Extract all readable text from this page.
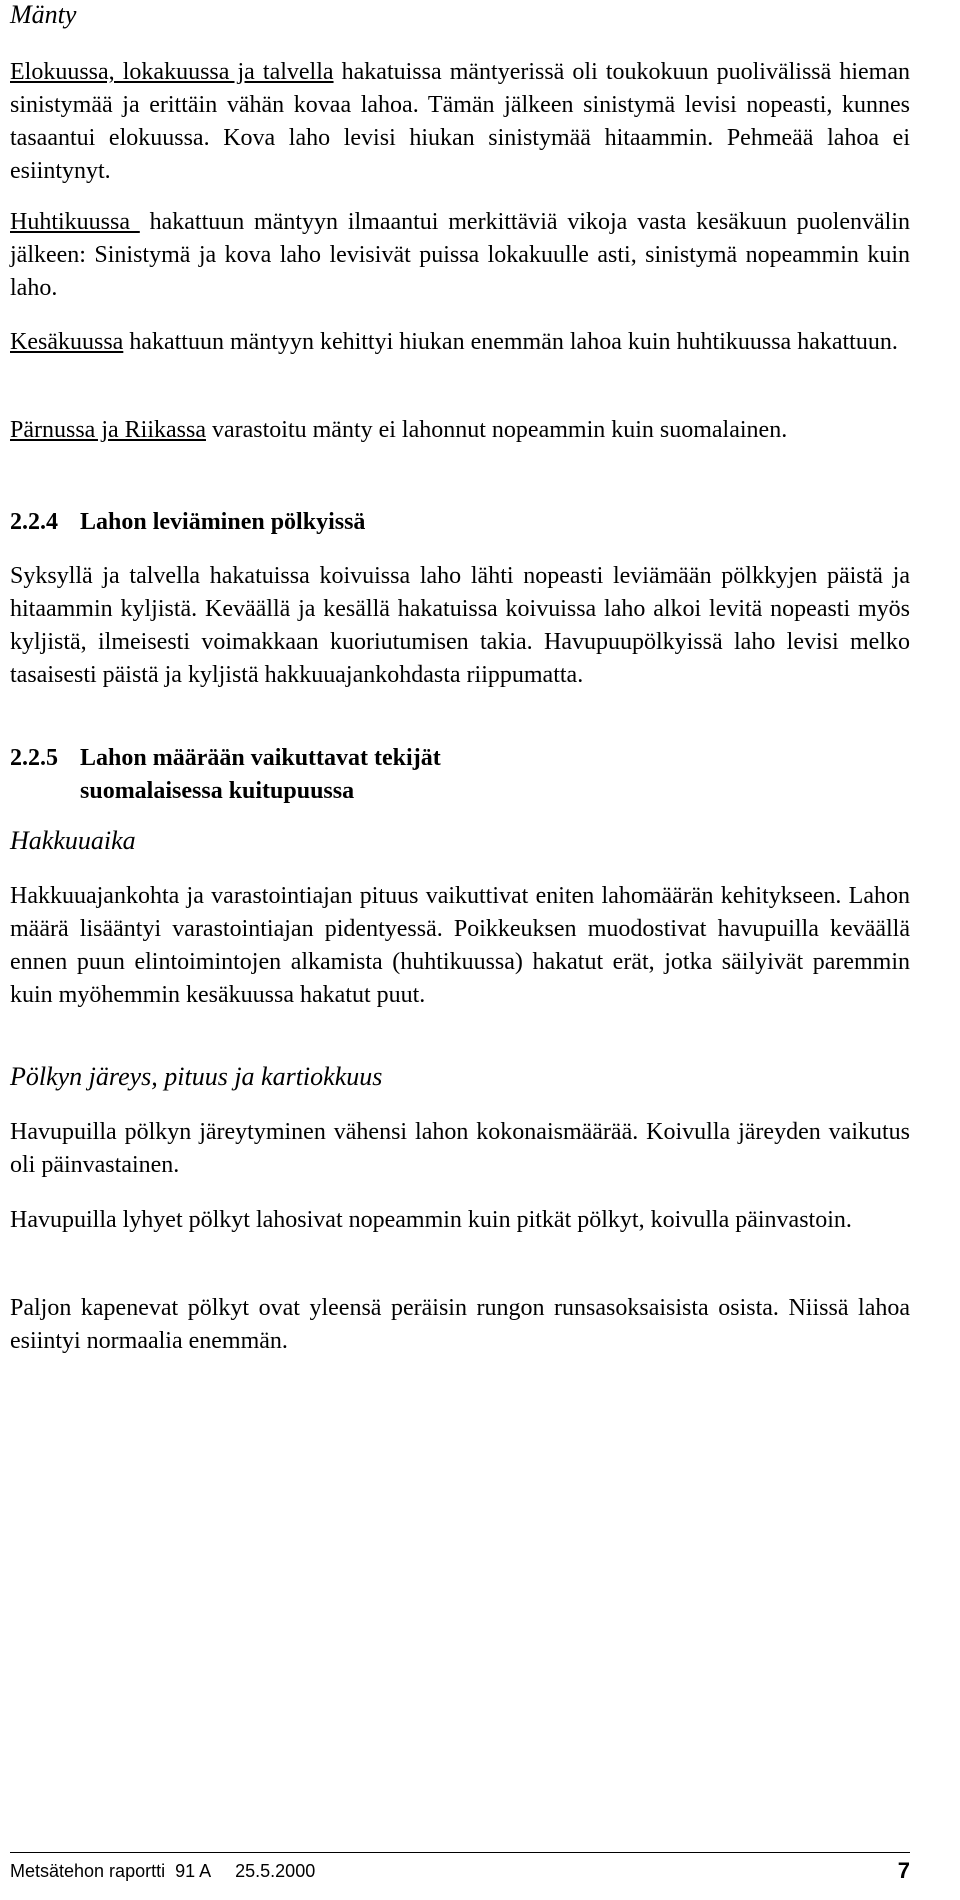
Mänty

Elokuussa, lokakuussa ja talvella hakatuissa mäntyerissä oli toukokuun puolivälissä hieman sinistymää ja erittäin vähän kovaa lahoa. Tämän jälkeen sinistymä levisi nopeasti, kunnes tasaantui elokuussa. Kova laho levisi hiukan sinistymää hitaammin. Pehmeää lahoa ei esiintynyt.

Huhtikuussa  hakattuun mäntyyn ilmaantui merkittäviä vikoja vasta kesäkuun puolenvälin jälkeen: Sinistymä ja kova laho levisivät puissa lokakuulle asti, sinistymä nopeammin kuin laho.

Kesäkuussa hakattuun mäntyyn kehittyi hiukan enemmän lahoa kuin huhtikuussa hakattuun.

Pärnussa ja Riikassa varastoitu mänty ei lahonnut nopeammin kuin suomalainen.

2.2.4 Lahon leviäminen pölkyissä

Syksyllä ja talvella hakatuissa koivuissa laho lähti nopeasti leviämään pölkkyjen päistä ja hitaammin kyljistä. Keväällä ja kesällä hakatuissa koivuissa laho alkoi levitä nopeasti myös kyljistä, ilmeisesti voimakkaan kuoriutumisen takia. Havupuupölkyissä laho levisi melko tasaisesti päistä ja kyljistä hakkuuajankohdasta riippumatta.

2.2.5 Lahon määrään vaikuttavat tekijät
suomalaisessa kuitupuussa
Hakkuuaika

Hakkuuajankohta ja varastointiajan pituus vaikuttivat eniten lahomäärän kehitykseen. Lahon määrä lisääntyi varastointiajan pidentyessä. Poikkeuksen muodostivat havupuilla keväällä ennen puun elintoimintojen alkamista (huhtikuussa) hakatut erät, jotka säilyivät paremmin kuin myöhemmin kesäkuussa hakatut puut.

Pölkyn järeys, pituus ja kartiokkuus

Havupuilla pölkyn järeytyminen vähensi lahon kokonaismäärää. Koivulla järeyden vaikutus oli päinvastainen.

Havupuilla lyhyet pölkyt lahosivat nopeammin kuin pitkät pölkyt, koivulla päinvastoin.

Paljon kapenevat pölkyt ovat yleensä peräisin rungon runsasoksaisista osista. Niissä lahoa esiintyi normaalia enemmän.

Metsätehon raportti  91 A     25.5.2000	7
